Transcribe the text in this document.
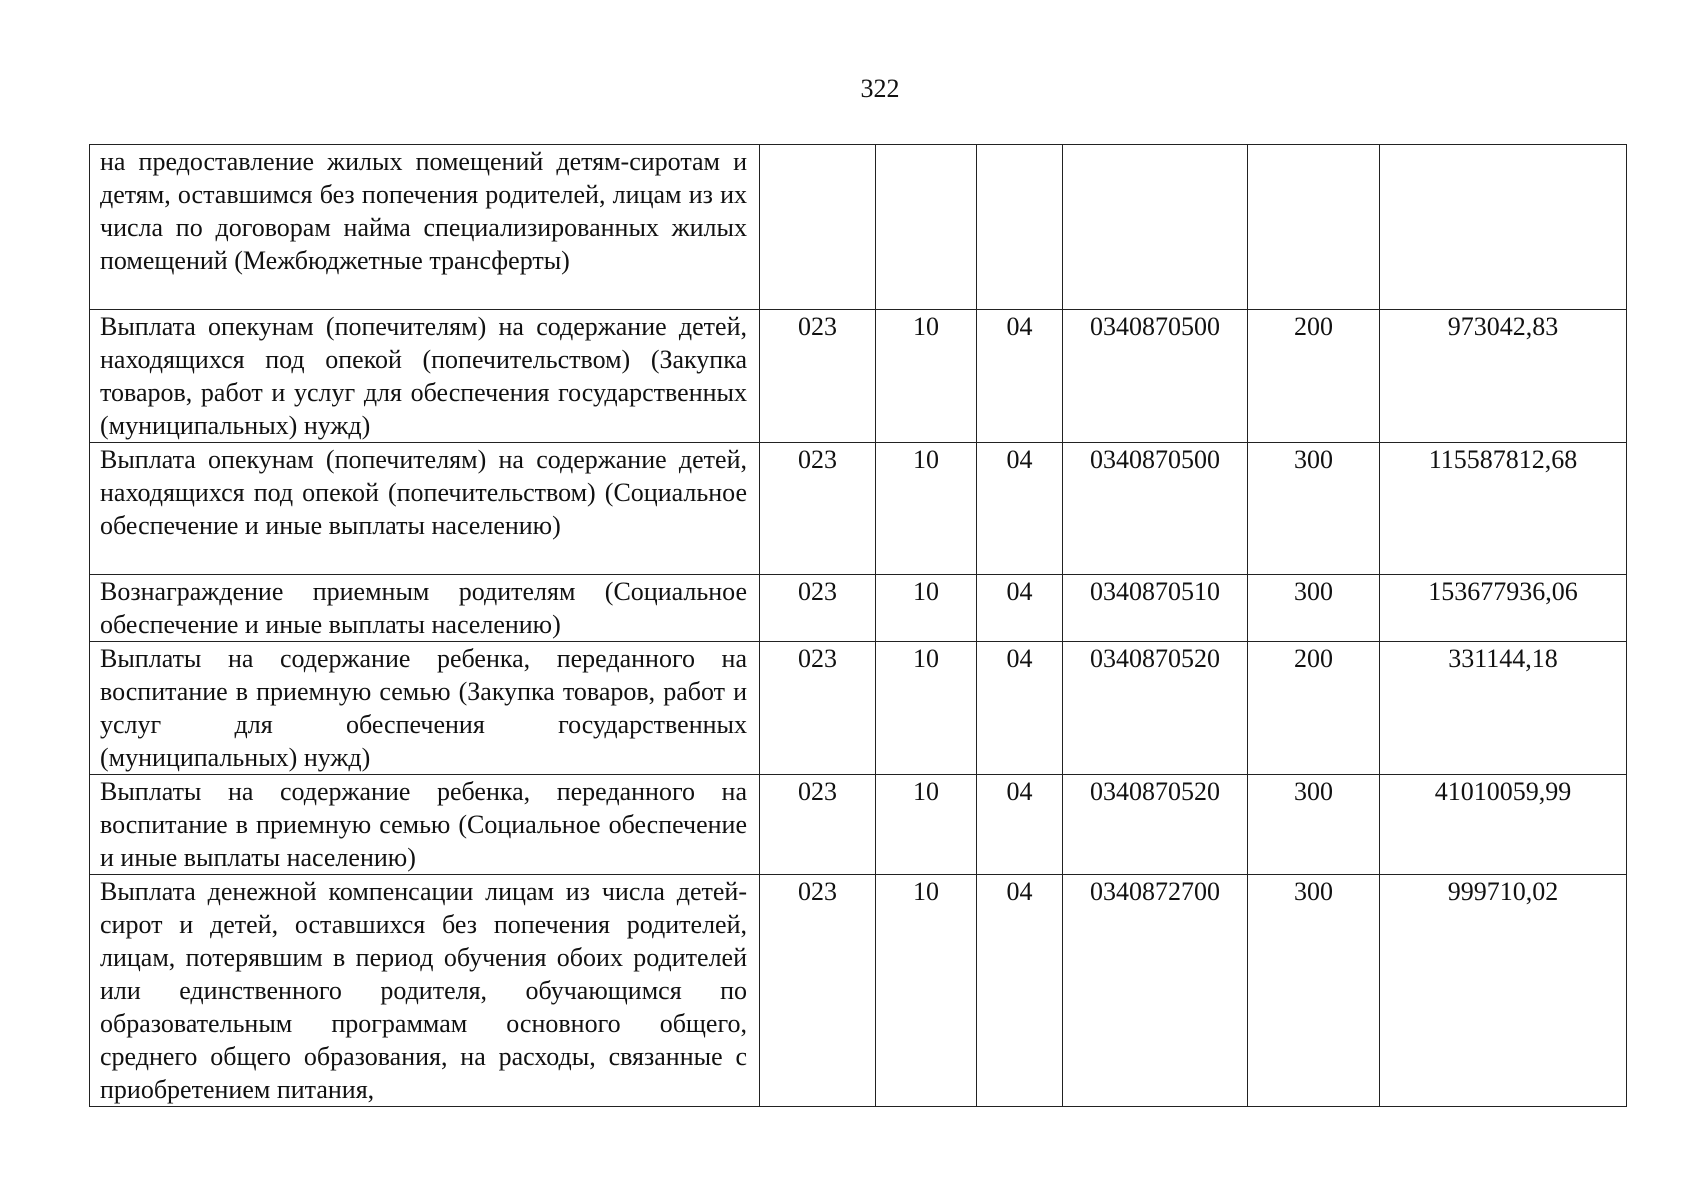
322
на предоставление жилых помещений детям-сиротам и детям, оставшимся без попечения родителей, лицам из их числа по договорам найма специализированных жилых помещений (Межбюджетные трансферты)						
Выплата опекунам (попечителям) на содержание детей, находящихся под опекой (попечительством) (Закупка товаров, работ и услуг для обеспечения государственных (муниципальных) нужд)	023	10	04	0340870500	200	973042,83
Выплата опекунам (попечителям) на содержание детей, находящихся под опекой (попечительством) (Социальное обеспечение и иные выплаты населению)	023	10	04	0340870500	300	115587812,68
Вознаграждение приемным родителям (Социальное обеспечение и иные выплаты населению)	023	10	04	0340870510	300	153677936,06
Выплаты на содержание ребенка, переданного на воспитание в приемную семью (Закупка товаров, работ и услуг для обеспечения государственных (муниципальных) нужд)	023	10	04	0340870520	200	331144,18
Выплаты на содержание ребенка, переданного на воспитание в приемную семью (Социальное обеспечение и иные выплаты населению)	023	10	04	0340870520	300	41010059,99
Выплата денежной компенсации лицам из числа детей-сирот и детей, оставшихся без попечения родителей, лицам, потерявшим в период обучения обоих родителей или единственного родителя, обучающимся по образовательным программам основного общего, среднего общего образования, на расходы, связанные с приобретением питания,	023	10	04	0340872700	300	999710,02
